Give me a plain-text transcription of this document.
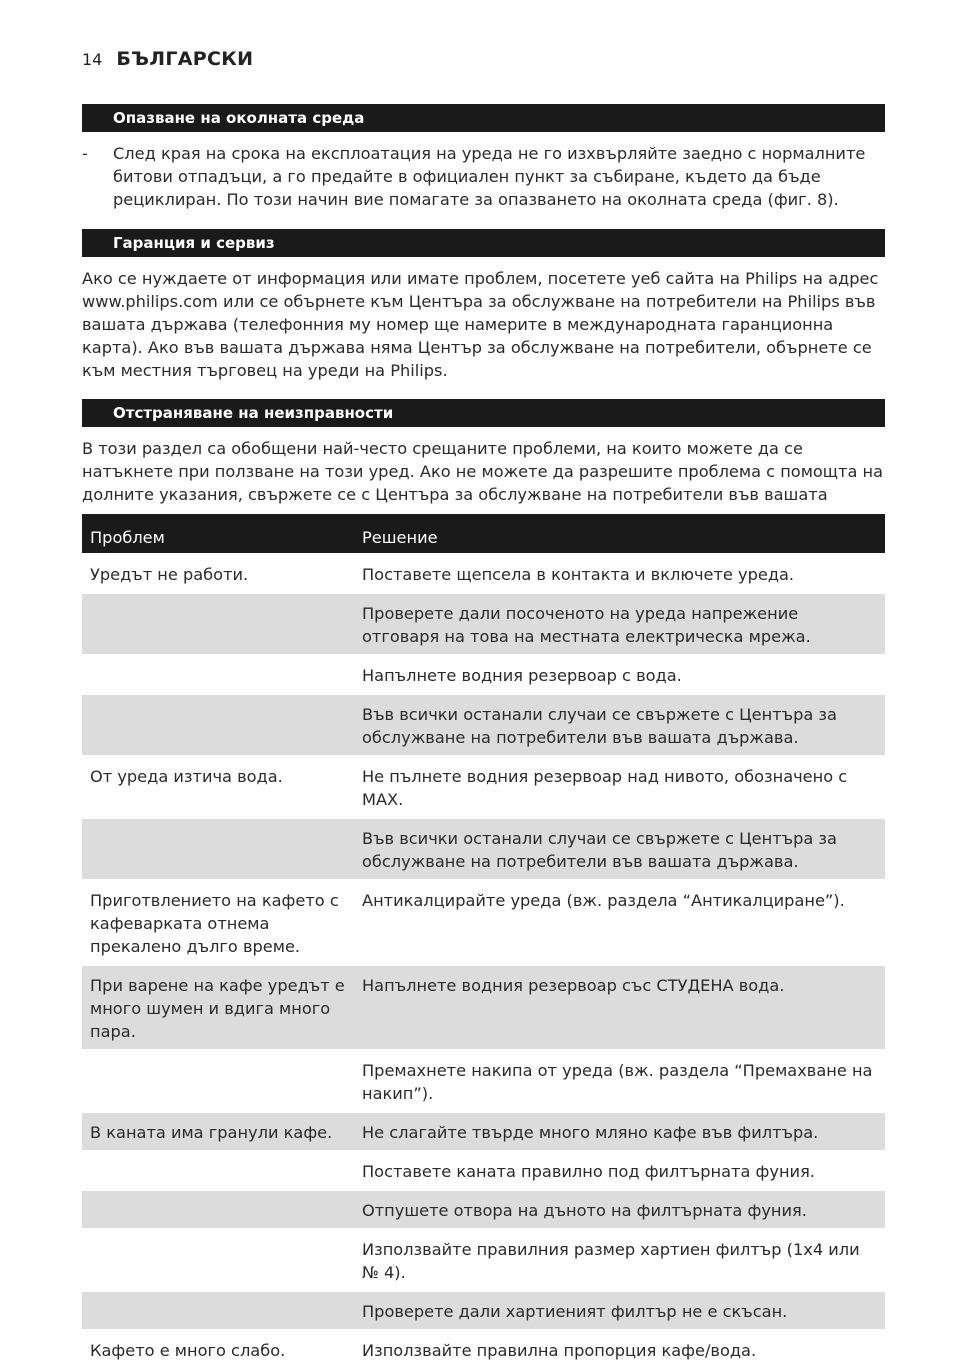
14 БЪЛГАРСКИ
Опазване на околната среда
-	След края на срока на експлоатация на уреда не го изхвърляйте заедно с нормалните битови отпадъци, а го предайте в официален пункт за събиране, където да бъде рециклиран. По този начин вие помагате за опазването на околната среда (фиг. 8).
Гаранция и сервиз

Ако се нуждаете от информация или имате проблем, посетете уеб сайта на Philips на адрес www.philips.com или се обърнете към Центъра за обслужване на потребители на Philips във вашата държава (телефонния му номер ще намерите в международната гаранционна карта). Ако във вашата държава няма Център за обслужване на потребители, обърнете се към местния търговец на уреди на Philips.

Отстраняване на неизправности

В този раздел са обобщени най-често срещаните проблеми, на които можете да се натъкнете при ползване на този уред. Ако не можете да разрешите проблема с помощта на долните указания, свържете се с Центъра за обслужване на потребители във вашата

Проблем	Решение
Уредът не работи.	Поставете щепсела в контакта и включете уреда.
	Проверете дали посоченото на уреда напрежение отговаря на това на местната електрическа мрежа.
	Напълнете водния резервоар с вода.
	Във всички останали случаи се свържете с Центъра за обслужване на потребители във вашата държава.
От уреда изтича вода.	Не пълнете водния резервоар над нивото, обозначено с MAX.
	Във всички останали случаи се свържете с Центъра за обслужване на потребители във вашата държава.
Приготвлението на кафето с кафеварката отнема прекалено дълго време.	Антикалцирайте уреда (вж. раздела “Антикалциране”).
При варене на кафе уредът е много шумен и вдига много пара.	Напълнете водния резервоар със СТУДЕНА вода.
	Премахнете накипа от уреда (вж. раздела “Премахване на накип”).
В каната има гранули кафе.	Не слагайте твърде много мляно кафе във филтъра.
	Поставете каната правилно под филтърната фуния.
	Отпушете отвора на дъното на филтърната фуния.
	Използвайте правилния размер хартиен филтър (1x4 или № 4).
	Проверете дали хартиеният филтър не е скъсан.
Кафето е много слабо.	Използвайте правилна пропорция кафе/вода.
